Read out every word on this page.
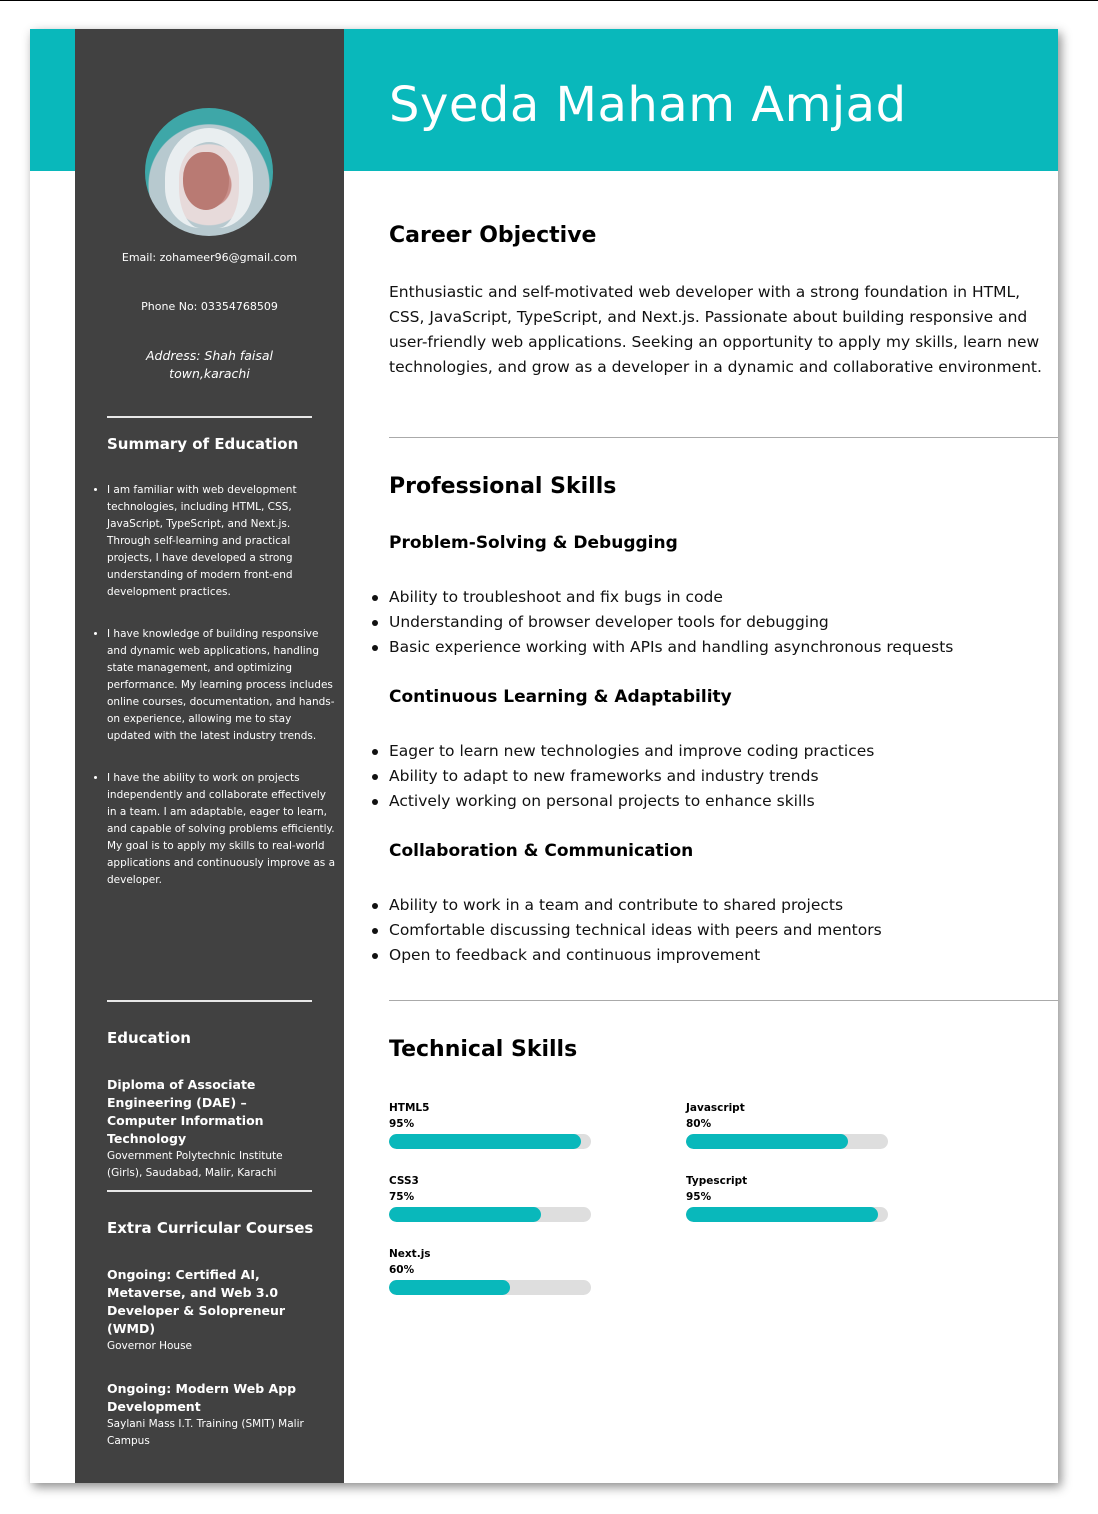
Syeda Maham Amjad
Email: zohameer96@gmail.com
Phone No: 03354768509
Address: Shah faisal
town,karachi
Summary of Education
• I am familiar with web development technologies, including HTML, CSS, JavaScript, TypeScript, and Next.js. Through self-learning and practical projects, I have developed a strong understanding of modern front-end development practices.
• I have knowledge of building responsive and dynamic web applications, handling state management, and optimizing performance. My learning process includes online courses, documentation, and hands-on experience, allowing me to stay updated with the latest industry trends.
• I have the ability to work on projects independently and collaborate effectively in a team. I am adaptable, eager to learn, and capable of solving problems efficiently. My goal is to apply my skills to real-world applications and continuously improve as a developer.
Education
Diploma of Associate Engineering (DAE) – Computer Information Technology
Government Polytechnic Institute (Girls), Saudabad, Malir, Karachi
Extra Curricular Courses
Ongoing: Certified AI, Metaverse, and Web 3.0 Developer & Solopreneur (WMD)
Governor House
Ongoing: Modern Web App Development
Saylani Mass I.T. Training (SMIT) Malir Campus
Career Objective
Enthusiastic and self-motivated web developer with a strong foundation in HTML, CSS, JavaScript, TypeScript, and Next.js. Passionate about building responsive and user-friendly web applications. Seeking an opportunity to apply my skills, learn new technologies, and grow as a developer in a dynamic and collaborative environment.
Professional Skills
Problem-Solving & Debugging
Ability to troubleshoot and fix bugs in code
Understanding of browser developer tools for debugging
Basic experience working with APIs and handling asynchronous requests
Continuous Learning & Adaptability
Eager to learn new technologies and improve coding practices
Ability to adapt to new frameworks and industry trends
Actively working on personal projects to enhance skills
Collaboration & Communication
Ability to work in a team and contribute to shared projects
Comfortable discussing technical ideas with peers and mentors
Open to feedback and continuous improvement
Technical Skills
HTML5
95%
Javascript
80%
CSS3
75%
Typescript
95%
Next.js
60%
